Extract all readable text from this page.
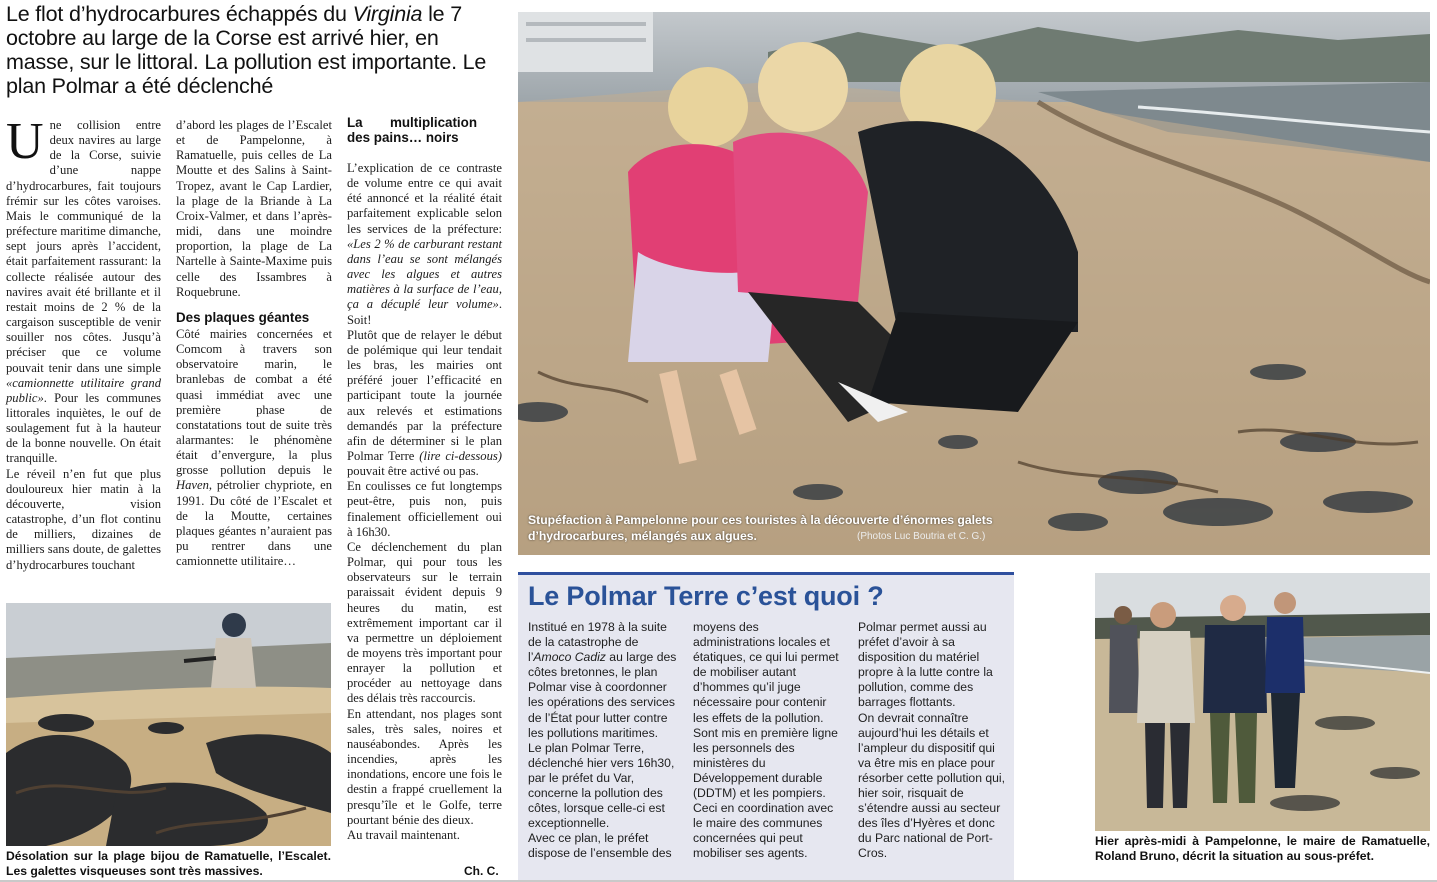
Le flot d’hydrocarbures échappés du Virginia le 7 octobre au large de la Corse est arrivé hier, en masse, sur le littoral. La pollution est importante. Le plan Polmar a été déclenché

Une collision entre deux navires au large de la Corse, suivie d’une nappe d’hydrocarbures, fait toujours frémir sur les côtes varoises. Mais le communiqué de la préfecture maritime dimanche, sept jours après l’accident, était parfaitement rassurant: la collecte réalisée autour des navires avait été brillante et il restait moins de 2 % de la cargaison susceptible de venir souiller nos côtes. Jusqu’à préciser que ce volume pouvait tenir dans une simple «camionnette utilitaire grand public». Pour les communes littorales inquiètes, le ouf de soulagement fut à la hauteur de la bonne nouvelle. On était tranquille.

Le réveil n’en fut que plus douloureux hier matin à la découverte, vision catastrophe, d’un flot continu de milliers, dizaines de milliers sans doute, de galettes d’hydrocarbures touchant

d’abord les plages de l’Escalet et de Pampelonne, à Ramatuelle, puis celles de La Moutte et des Salins à Saint-Tropez, avant le Cap Lardier, la plage de la Briande à La Croix-Valmer, et dans l’après-midi, dans une moindre proportion, la plage de La Nartelle à Sainte-Maxime puis celle des Issambres à Roquebrune.

Des plaques géantes

Côté mairies concernées et Comcom à travers son observatoire marin, le branlebas de combat a été quasi immédiat avec une première phase de constatations tout de suite très alarmantes: le phénomène était d’envergure, la plus grosse pollution depuis le Haven, pétrolier chypriote, en 1991. Du côté de l’Escalet et de la Moutte, certaines plaques géantes n’auraient pas pu rentrer dans une camionnette utilitaire…

La multiplication des pains… noirs

L’explication de ce contraste de volume entre ce qui avait été annoncé et la réalité était parfaitement explicable selon les services de la préfecture: «Les 2 % de carburant restant dans l’eau se sont mélangés avec les algues et autres matières à la surface de l’eau, ça a décuplé leur volume». Soit!

Plutôt que de relayer le début de polémique qui leur tendait les bras, les mairies ont préféré jouer l’efficacité en participant toute la journée aux relevés et estimations demandés par la préfecture afin de déterminer si le plan Polmar Terre (lire ci-dessous) pouvait être activé ou pas.

En coulisses ce fut longtemps peut-être, puis non, puis finalement officiellement oui à 16h30.

Ce déclenchement du plan Polmar, qui pour tous les observateurs sur le terrain paraissait évident depuis 9 heures du matin, est extrêmement important car il va permettre un déploiement de moyens très important pour enrayer la pollution et procéder au nettoyage dans des délais très raccourcis.

En attendant, nos plages sont sales, très sales, noires et nauséabondes. Après les incendies, après les inondations, encore une fois le destin a frappé cruellement la presqu’île et le Golfe, terre pourtant bénie des dieux.

Au travail maintenant.

Ch. C.
Stupéfaction à Pampelonne pour ces touristes à la découverte d’énormes galets d’hydrocarbures, mélangés aux algues.	(Photos Luc Boutria et C. G.)
Désolation sur la plage bijou de Ramatuelle, l’Escalet. Les galettes visqueuses sont très massives.
Le Polmar Terre c’est quoi ?

Institué en 1978 à la suite de la catastrophe de l’Amoco Cadiz au large des côtes bretonnes, le plan Polmar vise à coordonner les opérations des services de l’État pour lutter contre les pollutions maritimes.

Le plan Polmar Terre, déclenché hier vers 16h30, par le préfet du Var, concerne la pollution des côtes, lorsque celle-ci est exceptionnelle.

Avec ce plan, le préfet dispose de l’ensemble des

moyens des administrations locales et étatiques, ce qui lui permet de mobiliser autant d’hommes qu’il juge nécessaire pour contenir les effets de la pollution.

Sont mis en première ligne les personnels des ministères du Développement durable (DDTM) et les pompiers.

Ceci en coordination avec le maire des communes concernées qui peut mobiliser ses agents.

Polmar permet aussi au préfet d’avoir à sa disposition du matériel propre à la lutte contre la pollution, comme des barrages flottants.

On devrait connaître aujourd’hui les détails et l’ampleur du dispositif qui va être mis en place pour résorber cette pollution qui, hier soir, risquait de s’étendre aussi au secteur des îles d’Hyères et donc du Parc national de Port-Cros.

Hier après-midi à Pampelonne, le maire de Ramatuelle, Roland Bruno, décrit la situation au sous-préfet.
